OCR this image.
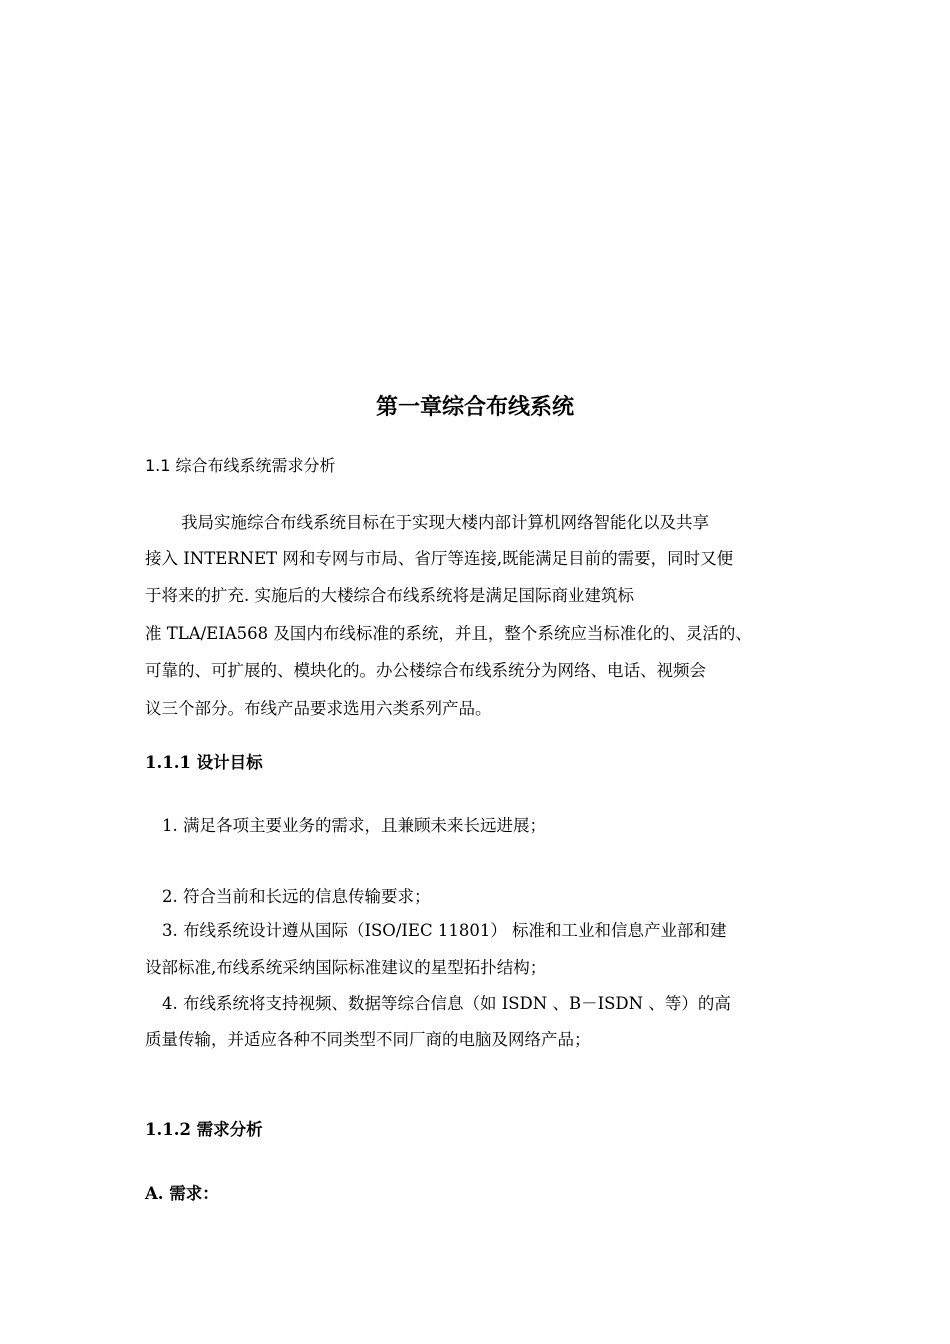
第一章综合布线系统
1.1 综合布线系统需求分析

我局实施综合布线系统目标在于实现大楼内部计算机网络智能化以及共享

接入 INTERNET 网和专网与市局、省厅等连接,既能满足目前的需要，同时又便

于将来的扩充. 实施后的大楼综合布线系统将是满足国际商业建筑标

准 TLA/EIA568 及国内布线标准的系统，并且，整个系统应当标准化的、灵活的、

可靠的、可扩展的、模块化的。办公楼综合布线系统分为网络、电话、视频会

议三个部分。布线产品要求选用六类系列产品。

1.1.1 设计目标

1. 满足各项主要业务的需求，且兼顾未来长远进展；

2. 符合当前和长远的信息传输要求；

3. 布线系统设计遵从国际（ISO/IEC 11801） 标准和工业和信息产业部和建

设部标准,布线系统采纳国际标准建议的星型拓扑结构；

4. 布线系统将支持视频、数据等综合信息（如 ISDN 、B－ISDN 、等）的高

质量传输，并适应各种不同类型不同厂商的电脑及网络产品；

1.1.2 需求分析
A. 需求：
